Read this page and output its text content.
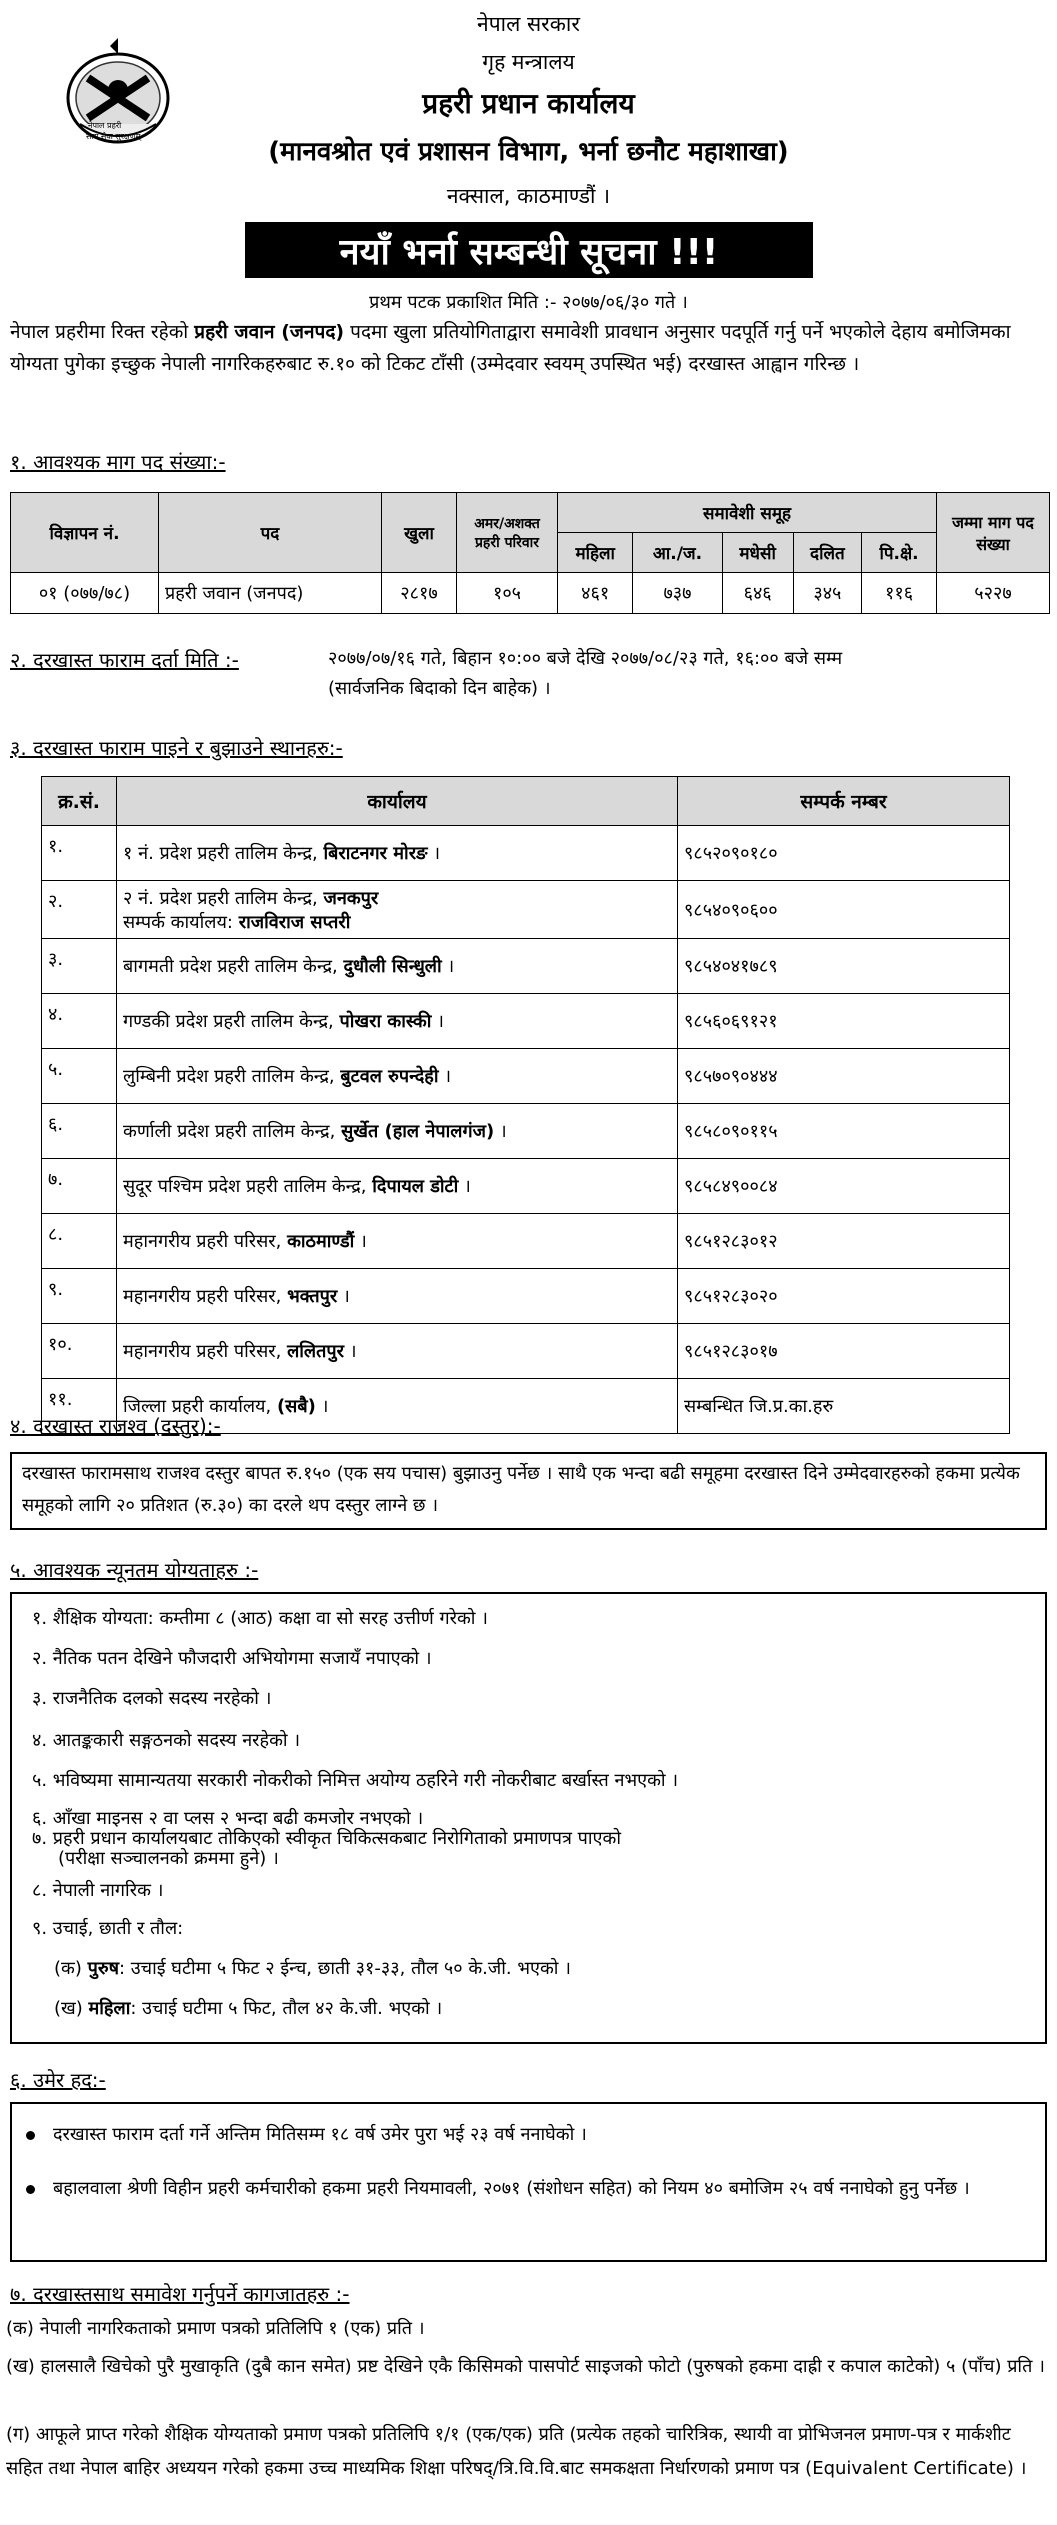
नेपाल प्रहरी
सत्य सेवा सुरक्षणम्
नेपाल सरकार
गृह मन्त्रालय
प्रहरी प्रधान कार्यालय
(मानवश्रोत एवं प्रशासन विभाग, भर्ना छनौट महाशाखा)
नक्साल, काठमाण्डौं ।
नयाँ भर्ना सम्बन्धी सूचना !!!
प्रथम पटक प्रकाशित मिति :- २०७७/०६/३० गते ।
नेपाल प्रहरीमा रिक्त रहेको प्रहरी जवान (जनपद) पदमा खुला प्रतियोगिताद्वारा समावेशी प्रावधान अनुसार पदपूर्ति गर्नु पर्ने भएकोले देहाय बमोजिमका योग्यता पुगेका इच्छुक नेपाली नागरिकहरुबाट रु.१० को टिकट टाँसी (उम्मेदवार स्वयम् उपस्थित भई) दरखास्त आह्वान गरिन्छ ।
१. आवश्यक माग पद संख्या:-
विज्ञापन नं.	पद	खुला	अमर/अशक्त प्रहरी परिवार	समावेशी समूह					जम्मा माग पद संख्या
				महिला	आ./ज.	मधेसी	दलित	पि.क्षे.	
०१ (०७७/७८)	प्रहरी जवान (जनपद)	२८१७	१०५	४६१	७३७	६४६	३४५	११६	५२२७
२. दरखास्त फाराम दर्ता मिति :-	२०७७/०७/१६ गते, बिहान १०:०० बजे देखि २०७७/०८/२३ गते, १६:०० बजे सम्म
(सार्वजनिक बिदाको दिन बाहेक) ।
३. दरखास्त फाराम पाइने र बुझाउने स्थानहरु:-
क्र.सं.	कार्यालय	सम्पर्क नम्बर
१.	१ नं. प्रदेश प्रहरी तालिम केन्द्र, बिराटनगर मोरङ ।	९८५२०९०१८०
२.	२ नं. प्रदेश प्रहरी तालिम केन्द्र, जनकपुर
सम्पर्क कार्यालय: राजविराज सप्तरी	९८५४०९०६००
३.	बागमती प्रदेश प्रहरी तालिम केन्द्र, दुधौली सिन्धुली ।	९८५४०४१७८९
४.	गण्डकी प्रदेश प्रहरी तालिम केन्द्र, पोखरा कास्की ।	९८५६०६९१२१
५.	लुम्बिनी प्रदेश प्रहरी तालिम केन्द्र, बुटवल रुपन्देही ।	९८५७०९०४४४
६.	कर्णाली प्रदेश प्रहरी तालिम केन्द्र, सुर्खेत (हाल नेपालगंज) ।	९८५८०९०११५
७.	सुदूर पश्चिम प्रदेश प्रहरी तालिम केन्द्र, दिपायल डोटी ।	९८५८४९००८४
८.	महानगरीय प्रहरी परिसर, काठमाण्डौं ।	९८५१२८३०१२
९.	महानगरीय प्रहरी परिसर, भक्तपुर ।	९८५१२८३०२०
१०.	महानगरीय प्रहरी परिसर, ललितपुर ।	९८५१२८३०१७
११.	जिल्ला प्रहरी कार्यालय, (सबै) ।	सम्बन्धित जि.प्र.का.हरु
४. दरखास्त राजश्व (दस्तुर):-
दरखास्त फारामसाथ राजश्व दस्तुर बापत रु.१५० (एक सय पचास) बुझाउनु पर्नेछ । साथै एक भन्दा बढी समूहमा दरखास्त दिने उम्मेदवारहरुको हकमा प्रत्येक समूहको लागि २० प्रतिशत (रु.३०) का दरले थप दस्तुर लाग्ने छ ।
५. आवश्यक न्यूनतम योग्यताहरु :-
१. शैक्षिक योग्यता: कम्तीमा ८ (आठ) कक्षा वा सो सरह उत्तीर्ण गरेको ।
२. नैतिक पतन देखिने फौजदारी अभियोगमा सजायँ नपाएको ।
३. राजनैतिक दलको सदस्य नरहेको ।
४. आतङ्ककारी सङ्गठनको सदस्य नरहेको ।
५. भविष्यमा सामान्यतया सरकारी नोकरीको निमित्त अयोग्य ठहरिने गरी नोकरीबाट बर्खास्त नभएको ।
६. आँखा माइनस २ वा प्लस २ भन्दा बढी कमजोर नभएको ।
७. प्रहरी प्रधान कार्यालयबाट तोकिएको स्वीकृत चिकित्सकबाट निरोगिताको प्रमाणपत्र पाएको
(परीक्षा सञ्चालनको क्रममा हुने) ।
८. नेपाली नागरिक ।
९. उचाई, छाती र तौल:
(क) पुरुष: उचाई घटीमा ५ फिट २ ईन्च, छाती ३१-३३, तौल ५० के.जी. भएको ।
(ख) महिला: उचाई घटीमा ५ फिट, तौल ४२ के.जी. भएको ।
६. उमेर हद:-
दरखास्त फाराम दर्ता गर्ने अन्तिम मितिसम्म १८ वर्ष उमेर पुरा भई २३ वर्ष ननाघेको ।
बहालवाला श्रेणी विहीन प्रहरी कर्मचारीको हकमा प्रहरी नियमावली, २०७१ (संशोधन सहित) को नियम ४० बमोजिम २५ वर्ष ननाघेको हुनु पर्नेछ ।
७. दरखास्तसाथ समावेश गर्नुपर्ने कागजातहरु :-
(क) नेपाली नागरिकताको प्रमाण पत्रको प्रतिलिपि १ (एक) प्रति ।
(ख) हालसालै खिचेको पुरै मुखाकृति (दुबै कान समेत) प्रष्ट देखिने एकै किसिमको पासपोर्ट साइजको फोटो (पुरुषको हकमा दाह्री र कपाल काटेको) ५ (पाँच) प्रति ।
(ग) आफूले प्राप्त गरेको शैक्षिक योग्यताको प्रमाण पत्रको प्रतिलिपि १/१ (एक/एक) प्रति (प्रत्येक तहको चारित्रिक, स्थायी वा प्रोभिजनल प्रमाण-पत्र र मार्कशीट सहित तथा नेपाल बाहिर अध्ययन गरेको हकमा उच्च माध्यमिक शिक्षा परिषद्/त्रि.वि.वि.बाट समकक्षता निर्धारणको प्रमाण पत्र (Equivalent Certificate) ।
